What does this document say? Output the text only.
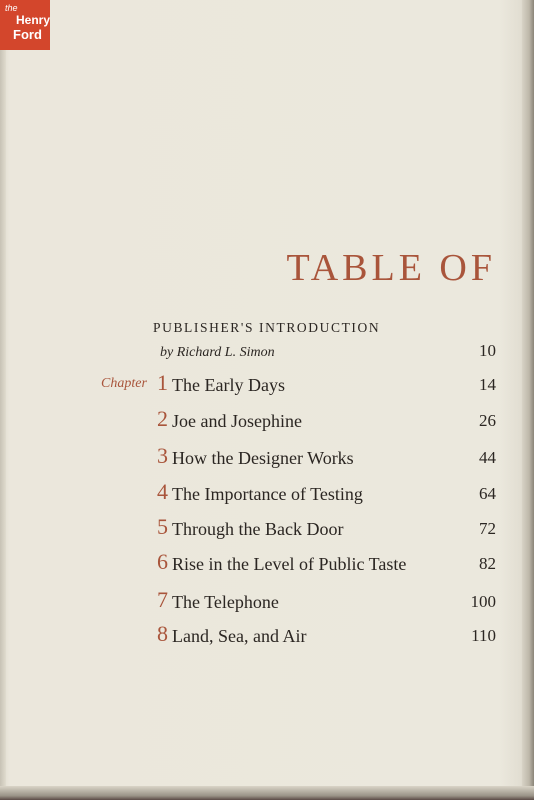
the
Henry
Ford
TABLE OF
PUBLISHER'S INTRODUCTION
by Richard L. Simon	10
Chapter 1 The Early Days	14
2 Joe and Josephine	26
3 How the Designer Works	44
4 The Importance of Testing	64
5 Through the Back Door	72
6 Rise in the Level of Public Taste	82
7 The Telephone	100
8 Land, Sea, and Air	110
